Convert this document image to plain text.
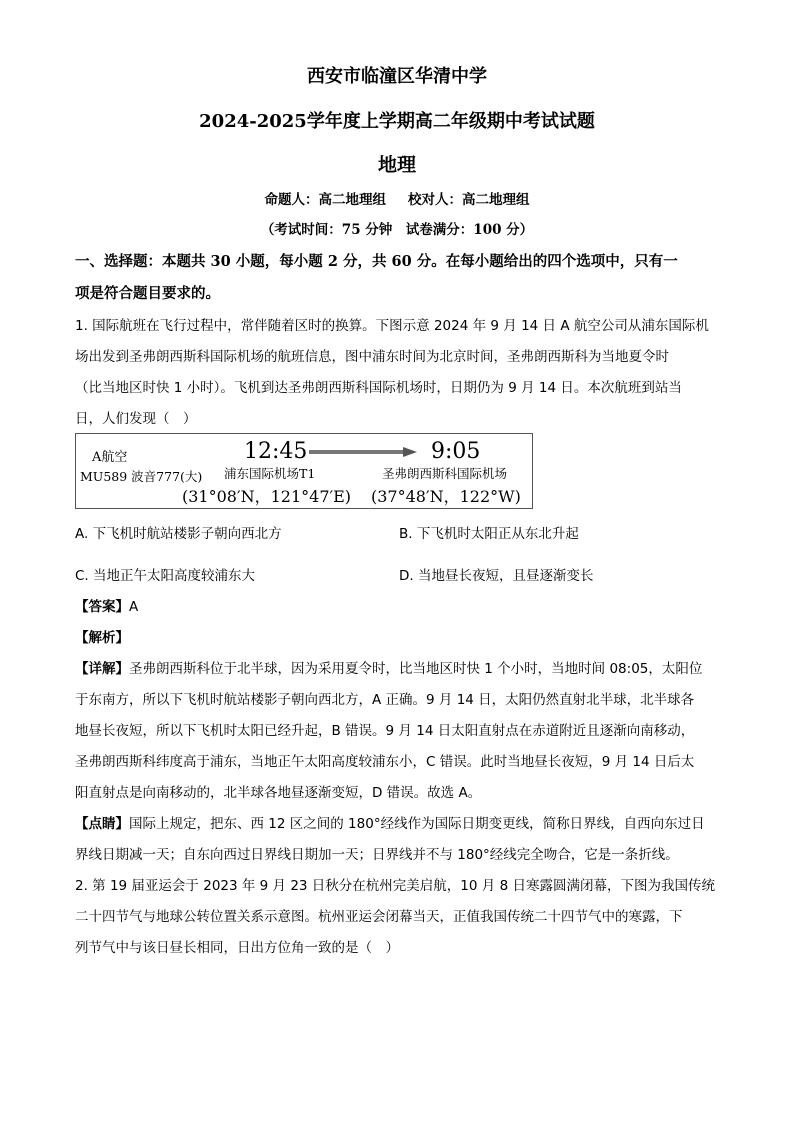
西安市临潼区华清中学
2024-2025学年度上学期高二年级期中考试试题
地理
命题人：高二地理组 校对人：高二地理组
（考试时间：75 分钟　试卷满分：100 分）
一、选择题：本题共 30 小题，每小题 2 分，共 60 分。在每小题给出的四个选项中，只有一
项是符合题目要求的。
1. 国际航班在飞行过程中，常伴随着区时的换算。下图示意 2024 年 9 月 14 日 A 航空公司从浦东国际机
场出发到圣弗朗西斯科国际机场的航班信息，图中浦东时间为北京时间，圣弗朗西斯科为当地夏令时
（比当地区时快 1 小时）。飞机到达圣弗朗西斯科国际机场时，日期仍为 9 月 14 日。本次航班到站当
日，人们发现（　）
A航空
MU589 波音777(大)
12:45	9:05
浦东国际机场T1	圣弗朗西斯科国际机场
(31°08′N，121°47′E) (37°48′N，122°W)
A. 下飞机时航站楼影子朝向西北方	B. 下飞机时太阳正从东北升起
C. 当地正午太阳高度较浦东大	D. 当地昼长夜短，且昼逐渐变长
【答案】A
【解析】
【详解】圣弗朗西斯科位于北半球，因为采用夏令时，比当地区时快 1 个小时，当地时间 08:05，太阳位
于东南方，所以下飞机时航站楼影子朝向西北方，A 正确。9 月 14 日，太阳仍然直射北半球，北半球各
地昼长夜短，所以下飞机时太阳已经升起，B 错误。9 月 14 日太阳直射点在赤道附近且逐渐向南移动，
圣弗朗西斯科纬度高于浦东，当地正午太阳高度较浦东小，C 错误。此时当地昼长夜短，9 月 14 日后太
阳直射点是向南移动的，北半球各地昼逐渐变短，D 错误。故选 A。
【点睛】国际上规定，把东、西 12 区之间的 180°经线作为国际日期变更线，简称日界线，自西向东过日
界线日期减一天；自东向西过日界线日期加一天；日界线并不与 180°经线完全吻合，它是一条折线。
2. 第 19 届亚运会于 2023 年 9 月 23 日秋分在杭州完美启航，10 月 8 日寒露圆满闭幕，下图为我国传统
二十四节气与地球公转位置关系示意图。杭州亚运会闭幕当天，正值我国传统二十四节气中的寒露，下
列节气中与该日昼长相同，日出方位角一致的是（　）
